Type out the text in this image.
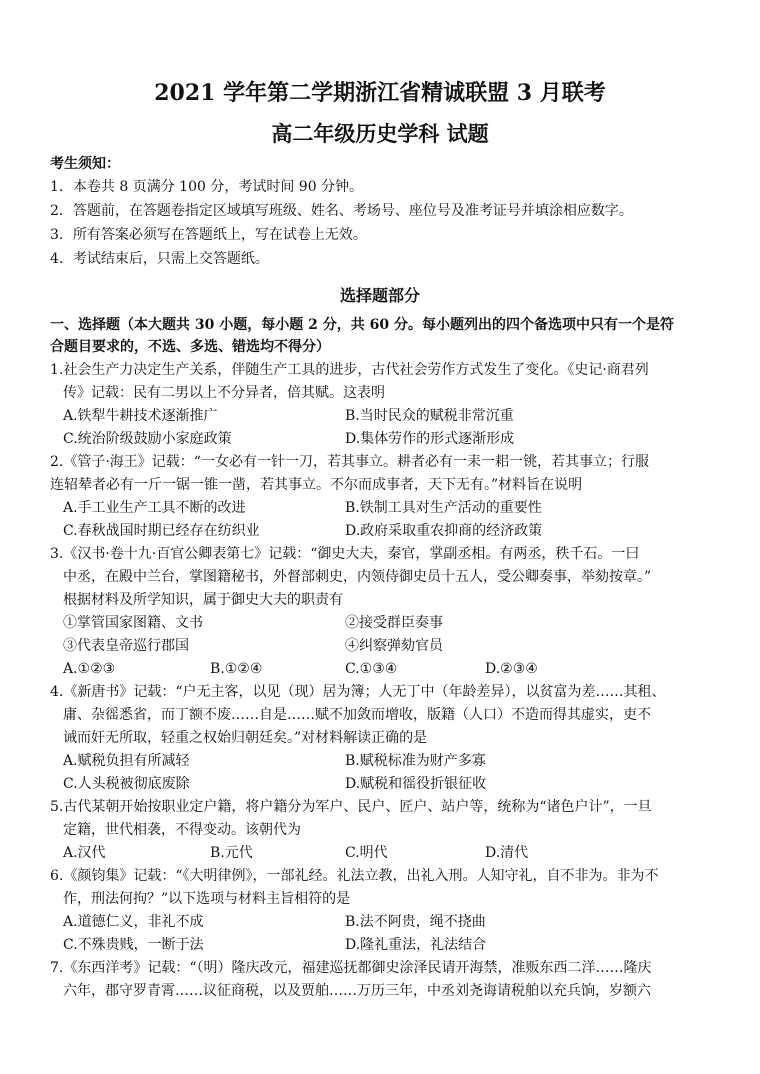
2021 学年第二学期浙江省精诚联盟 3 月联考
高二年级历史学科 试题
考生须知：
1．本卷共 8 页满分 100 分，考试时间 90 分钟。
2．答题前，在答题卷指定区域填写班级、姓名、考场号、座位号及准考证号并填涂相应数字。
3．所有答案必须写在答题纸上，写在试卷上无效。
4．考试结束后，只需上交答题纸。
选择题部分
一、选择题（本大题共 30 小题，每小题 2 分，共 60 分。每小题列出的四个备选项中只有一个是符
合题目要求的，不选、多选、错选均不得分）
1.社会生产力决定生产关系，伴随生产工具的进步，古代社会劳作方式发生了变化。《史记·商君列
传》记载：民有二男以上不分异者，倍其赋。这表明
A.铁犁牛耕技术逐渐推广	B.当时民众的赋税非常沉重
C.统治阶级鼓励小家庭政策	D.集体劳作的形式逐渐形成
2.《管子·海王》记载：“一女必有一针一刀，若其事立。耕者必有一耒一耜一铫，若其事立；行服
连轺辇者必有一斤一锯一锥一凿，若其事立。不尔而成事者，天下无有。”材料旨在说明
A.手工业生产工具不断的改进	B.铁制工具对生产活动的重要性
C.春秋战国时期已经存在纺织业	D.政府采取重农抑商的经济政策
3.《汉书·卷十九·百官公卿表第七》记载：“御史大夫，秦官，掌副丞相。有两丞，秩千石。一曰
中丞，在殿中兰台，掌图籍秘书，外督部刺史，内领侍御史员十五人，受公卿奏事，举劾按章。”
根据材料及所学知识，属于御史大夫的职责有
①掌管国家图籍、文书	②接受群臣奏事
③代表皇帝巡行郡国	④纠察弹劾官员
A.①②③	B.①②④	C.①③④	D.②③④
4.《新唐书》记载：“户无主客，以见（现）居为簿；人无丁中（年龄差异），以贫富为差……其租、
庸、杂徭悉省，而丁额不废……自是……赋不加敛而增收，版籍（人口）不造而得其虚实，吏不
诫而奸无所取，轻重之权始归朝廷矣。”对材料解读正确的是
A.赋税负担有所减轻	B.赋税标准为财产多寡
C.人头税被彻底废除	D.赋税和徭役折银征收
5.古代某朝开始按职业定户籍，将户籍分为军户、民户、匠户、站户等，统称为“诸色户计”，一旦
定籍，世代相袭，不得变动。该朝代为
A.汉代	B.元代	C.明代	D.清代
6.《颜钧集》记载：“《大明律例》，一部礼经。礼法立教，出礼入刑。人知守礼，自不非为。非为不
作，刑法何拘？”以下选项与材料主旨相符的是
A.道德仁义，非礼不成	B.法不阿贵，绳不挠曲
C.不殊贵贱，一断于法	D.隆礼重法，礼法结合
7.《东西洋考》记载：“（明）隆庆改元，福建巡抚都御史涂泽民请开海禁，准贩东西二洋……隆庆
六年，郡守罗青霄……议征商税，以及贾舶……万历三年，中丞刘尧诲请税舶以充兵饷，岁额六
